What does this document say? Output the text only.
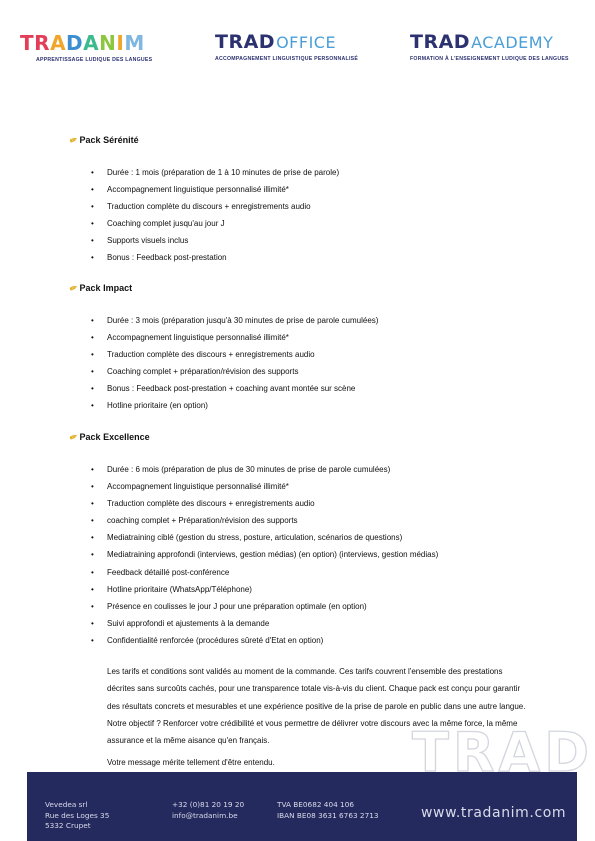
TRADANIM
APPRENTISSAGE LUDIQUE DES LANGUES
TRADOFFICE
ACCOMPAGNEMENT LINGUISTIQUE PERSONNALISÉ
TRADACADEMY
FORMATION À L'ENSEIGNEMENT LUDIQUE DES LANGUES
✏Pack Sérénité
• Durée : 1 mois (préparation de 1 à 10 minutes de prise de parole)
• Accompagnement linguistique personnalisé illimité*
• Traduction complète du discours + enregistrements audio
• Coaching complet jusqu'au jour J
• Supports visuels inclus
• Bonus : Feedback post-prestation
✏Pack Impact
• Durée : 3 mois (préparation jusqu'à 30 minutes de prise de parole cumulées)
• Accompagnement linguistique personnalisé illimité*
• Traduction complète des discours + enregistrements audio
• Coaching complet + préparation/révision des supports
• Bonus : Feedback post-prestation + coaching avant montée sur scène
• Hotline prioritaire (en option)
✏Pack Excellence
• Durée : 6 mois (préparation de plus de 30 minutes de prise de parole cumulées)
• Accompagnement linguistique personnalisé illimité*
• Traduction complète des discours + enregistrements audio
• coaching complet + Préparation/révision des supports
• Mediatraining ciblé (gestion du stress, posture, articulation, scénarios de questions)
• Mediatraining approfondi (interviews, gestion médias) (en option) (interviews, gestion médias)
• Feedback détaillé post-conférence
• Hotline prioritaire (WhatsApp/Téléphone)
• Présence en coulisses le jour J pour une préparation optimale (en option)
• Suivi approfondi et ajustements à la demande
• Confidentialité renforcée (procédures sûreté d'Etat en option)
Les tarifs et conditions sont validés au moment de la commande. Ces tarifs couvrent l'ensemble des prestations décrites sans surcoûts cachés, pour une transparence totale vis-à-vis du client. Chaque pack est conçu pour garantir des résultats concrets et mesurables et une expérience positive de la prise de parole en public dans une autre langue. Notre objectif ? Renforcer votre crédibilité et vous permettre de délivrer votre discours avec la même force, la même assurance et la même aisance qu'en français.
Votre message mérite tellement d'être entendu.	TRAD
Vevedea srl
Rue des Loges 35
5332 Crupet
+32 (0)81 20 19 20
info@tradanim.be
TVA BE0682 404 106
IBAN BE08 3631 6763 2713	www.tradanim.com
